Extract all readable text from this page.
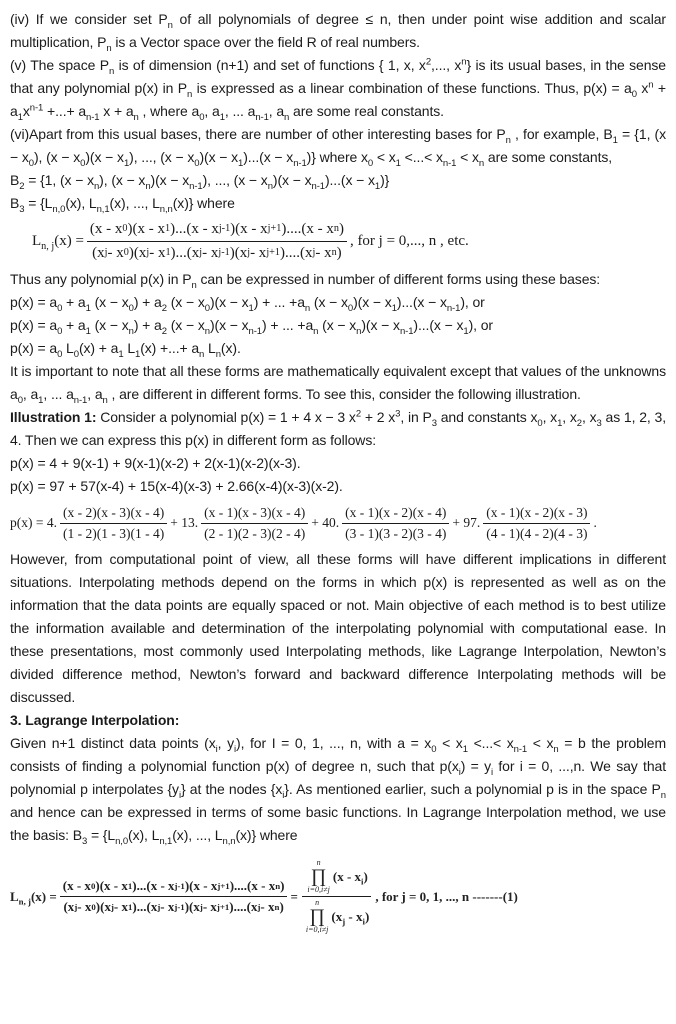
(iv) If we consider set $P_n$ of all polynomials of degree ≤ n, then under point wise addition and scalar multiplication, $P_n$ is a Vector space over the field R of real numbers.

(v) The space $P_n$ is of dimension (n+1) and set of functions { 1, x, $x^2$,..., $x^n$} is its usual bases, in the sense that any polynomial p(x) in $P_n$ is expressed as a linear combination of these functions. Thus, $p(x) = a_0$ $x^n + a_1x^{n-1}$ +...+ $a_{n-1}$ $x + a_n$ , where $a_0$, $a_1$, ... $a_{n-1}$, $a_n$ are some real constants.

(vi)Apart from this usual bases, there are number of other interesting bases for $P_n$ , for example, $B_1 = \{1$, $(x - x_0)$, $(x - x_0)(x - x_1)$, ..., $(x - x_0)(x - x_1)...(x - x_{n-1})$} where $x_0 < x_1$ <...< $x_{n-1} < x_n$ are some constants,

$B_2 = \{1$, $(x - x_n)$, $(x - x_n)(x - x_{n-1})$, ..., $(x - x_n)(x - x_{n-1})...(x - x_1)$}

$B_3 = \{L_{n,0}(x)$, $L_{n,1}(x)$, ..., $L_{n,n}(x)$} where

$L_{n, j}(x) = \frac{\text{(x - x 0 )(x - x 1 )...(x - x j-1 )(x - x j+1 )....(x - x n )}}{\text{(x j - x 0 )(x j - x 1 )...(x j - x j-1 )(x j - x j+1 )....(x j - x n )}}$ , for j = 0,..., n , etc.

Thus any polynomial p(x) in $P_n$ can be expressed in number of different forms using these bases:

$p(x) = a_0 + a_1$ $(x - x_0) + a_2$ $(x - x_0)(x - x_1)$ + ... $+a_n$ $(x - x_0)(x - x_1)...(x - x_{n-1})$, or

$p(x) = a_0 + a_1$ $(x - x_n) + a_2$ $(x - x_n)(x - x_{n-1})$ + ... $+a_n$ $(x - x_n)(x - x_{n-1})...(x - x_1)$, or

$p(x) = a_0$ $L_0(x) + a_1$ $L_1(x)$ +...+ $a_n$ $L_n(x)$.

It is important to note that all these forms are mathematically equivalent except that values of the unknowns $a_0$, $a_1$, ... $a_{n-1}$, $a_n$ , are different in different forms. To see this, consider the following illustration.

Illustration 1: Consider a polynomial p(x) = 1 + 4 x − 3 $x^2 + 2$ $x^3$, in $P_3$ and constants $x_0$, $x_1$, $x_2$, $x_3$ as 1, 2, 3, 4. Then we can express this p(x) in different form as follows:

p(x) = 4 + 9(x-1) + 9(x-1)(x-2) + 2(x-1)(x-2)(x-3).

p(x) = 97 + 57(x-4) + 15(x-4)(x-3) + 2.66(x-4)(x-3)(x-2).

p(x) = 4. $\frac{(x - 2)(x - 3)(x - 4)}{(1 - 2)(1 - 3)(1 - 4)} + 13$. $\frac{(x - 1)(x - 3)(x - 4)}{(2 - 1)(2 - 3)(2 - 4)} + 40$. $\frac{(x - 1)(x - 2)(x - 4)}{(3 - 1)(3 - 2)(3 - 4)} + 97$. $\frac{(x - 1)(x - 2)(x - 3)}{(4 - 1)(4 - 2)(4 - 3)}$ .

However, from computational point of view, all these forms will have different implications in different situations. Interpolating methods depend on the forms in which p(x) is represented as well as on the information that the data points are equally spaced or not. Main objective of each method is to best utilize the information available and determination of the interpolating polynomial with computational ease. In these presentations, most commonly used Interpolating methods, like Lagrange Interpolation, Newton’s divided difference method, Newton’s forward and backward difference Interpolating methods will be discussed.

3. Lagrange Interpolation:

Given n+1 distinct data points ($x_i$, $y_i$), for I = 0, 1, ..., n, with $a = x_0 < x_1$ <...< $x_{n-1} < x_n = b$ the problem consists of finding a polynomial function p(x) of degree n, such that $p(x_i) = y_i$ for i = 0, ...,n. We say that polynomial p interpolates $\{y_i\}$ at the nodes $\{x_i\}$. As mentioned earlier, such a polynomial p is in the space $P_n$ and hence can be expressed in terms of some basic functions. In Lagrange Interpolation method, we use the basis: $B_3 = \{L_{n,0}(x)$, $L_{n,1}(x)$, ..., $L_{n,n}(x)$} where

$L_{n, j}(x) = \frac{\text{(x - x 0 )(x - x 1 )...(x - x j-1 )(x - x j+1 )....(x - x n )}}{\text{(x j - x 0 )(x j - x 1 )...(x j - x j-1 )(x j - x j+1 )....(x j - x n )}} = n$
∏
i=0,i≠j
$(x - x_i)$
n
∏
i=0,i≠j
$(x_j - x_i)$ , for j = 0, 1, ..., n -------(1)
